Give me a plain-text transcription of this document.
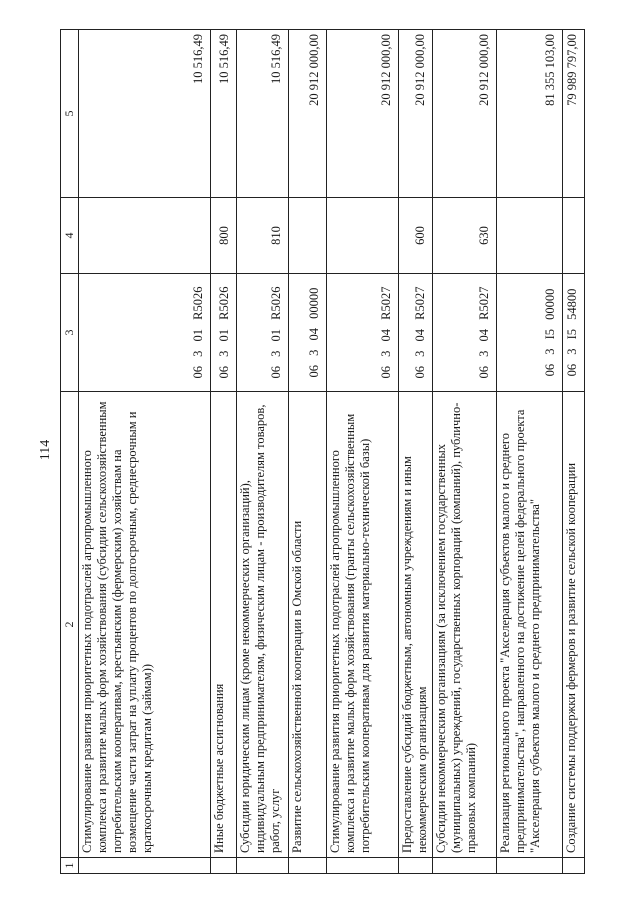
114
1	2	3	4	5
	Стимулирование развития приоритетных подотраслей агропромышленного комплекса и развитие малых форм хозяйствования (субсидии сельскохозяйственным потребительским кооперативам, крестьянским (фермерским) хозяйствам на возмещение части затрат на уплату процентов по долгосрочным, среднесрочным и краткосрочным кредитам (займам))	06 3 01 R5026		10 516,49
	Иные бюджетные ассигнования	06 3 01 R5026	800	10 516,49
	Субсидии юридическим лицам (кроме некоммерческих организаций), индивидуальным предпринимателям, физическим лицам - производителям товаров, работ, услуг	06 3 01 R5026	810	10 516,49
	Развитие сельскохозяйственной кооперации в Омской области	06 3 04 00000		20 912 000,00
	Стимулирование развития приоритетных подотраслей агропромышленного комплекса и развитие малых форм хозяйствования (гранты сельскохозяйственным потребительским кооперативам для развития материально-технической базы)	06 3 04 R5027		20 912 000,00
	Предоставление субсидий бюджетным, автономным учреждениям и иным некоммерческим организациям	06 3 04 R5027	600	20 912 000,00
	Субсидии некоммерческим организациям (за исключением государственных (муниципальных) учреждений, государственных корпораций (компаний), публично-правовых компаний)	06 3 04 R5027	630	20 912 000,00
	Реализация регионального проекта "Акселерация субъектов малого и среднего предпринимательства", направленного на достижение целей федерального проекта "Акселерация субъектов малого и среднего предпринимательства"	06 3 I5 00000		81 355 103,00
	Создание системы поддержки фермеров и развитие сельской кооперации	06 3 I5 54800		79 989 797,00
